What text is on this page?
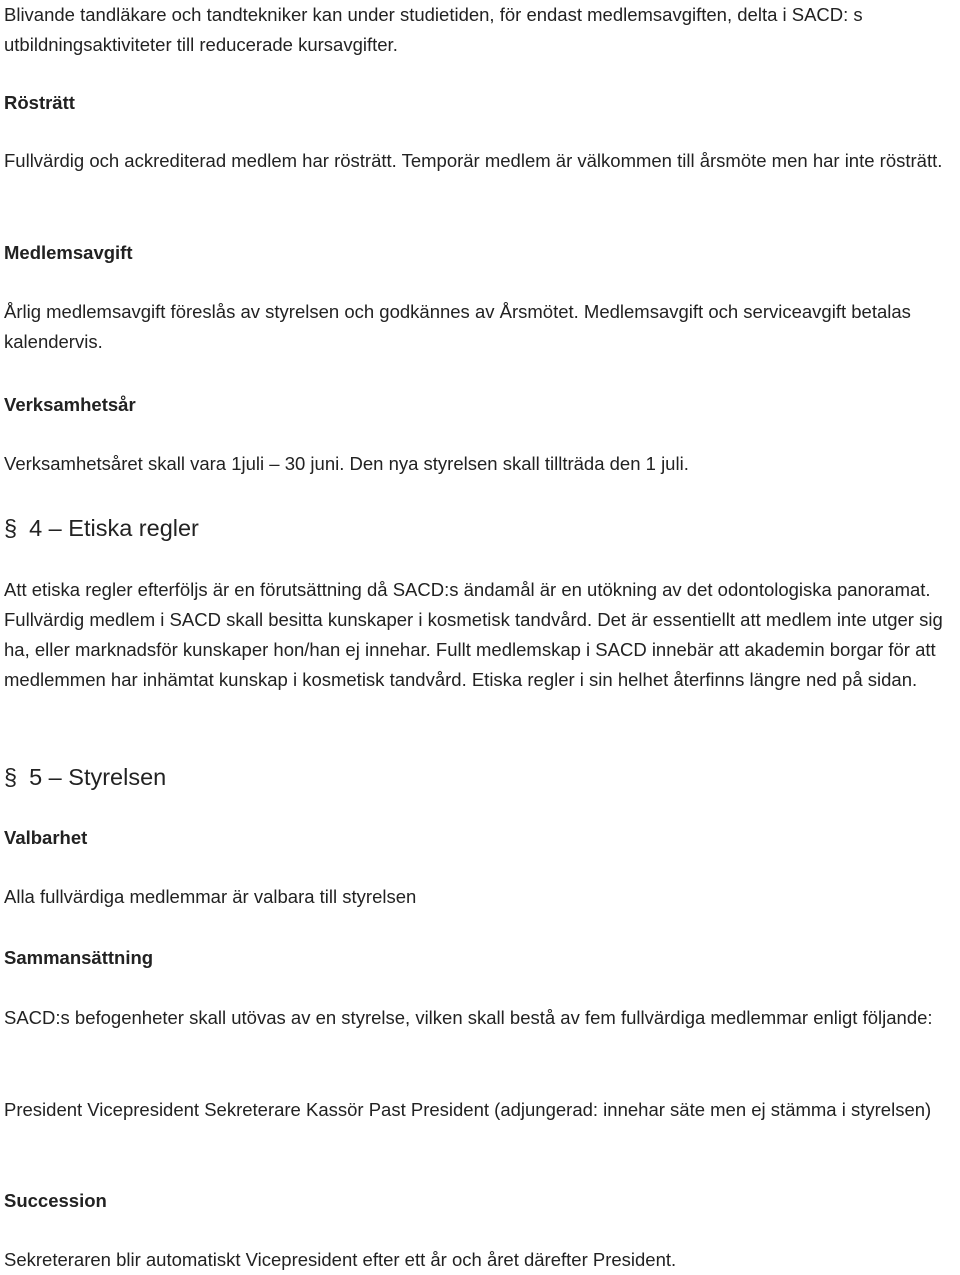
Blivande tandläkare och tandtekniker kan under studietiden, för endast medlemsavgiften, delta i SACD: s utbildningsaktiviteter till reducerade kursavgifter.

Rösträtt

Fullvärdig och ackrediterad medlem har rösträtt. Temporär medlem är välkommen till årsmöte men har inte rösträtt.

Medlemsavgift

Årlig medlemsavgift föreslås av styrelsen och godkännes av Årsmötet. Medlemsavgift och serviceavgift betalas kalendervis.

Verksamhetsår

Verksamhetsåret skall vara 1juli – 30 juni. Den nya styrelsen skall tillträda den 1 juli.

§ 4 – Etiska regler

Att etiska regler efterföljs är en förutsättning då SACD:s ändamål är en utökning av det odontologiska panoramat. Fullvärdig medlem i SACD skall besitta kunskaper i kosmetisk tandvård. Det är essentiellt att medlem inte utger sig ha, eller marknadsför kunskaper hon/han ej innehar. Fullt medlemskap i SACD innebär att akademin borgar för att medlemmen har inhämtat kunskap i kosmetisk tandvård. Etiska regler i sin helhet återfinns längre ned på sidan.

§ 5 – Styrelsen
Valbarhet

Alla fullvärdiga medlemmar är valbara till styrelsen

Sammansättning

SACD:s befogenheter skall utövas av en styrelse, vilken skall bestå av fem fullvärdiga medlemmar enligt följande:

President Vicepresident Sekreterare Kassör Past President (adjungerad: innehar säte men ej stämma i styrelsen)

Succession

Sekreteraren blir automatiskt Vicepresident efter ett år och året därefter President.
